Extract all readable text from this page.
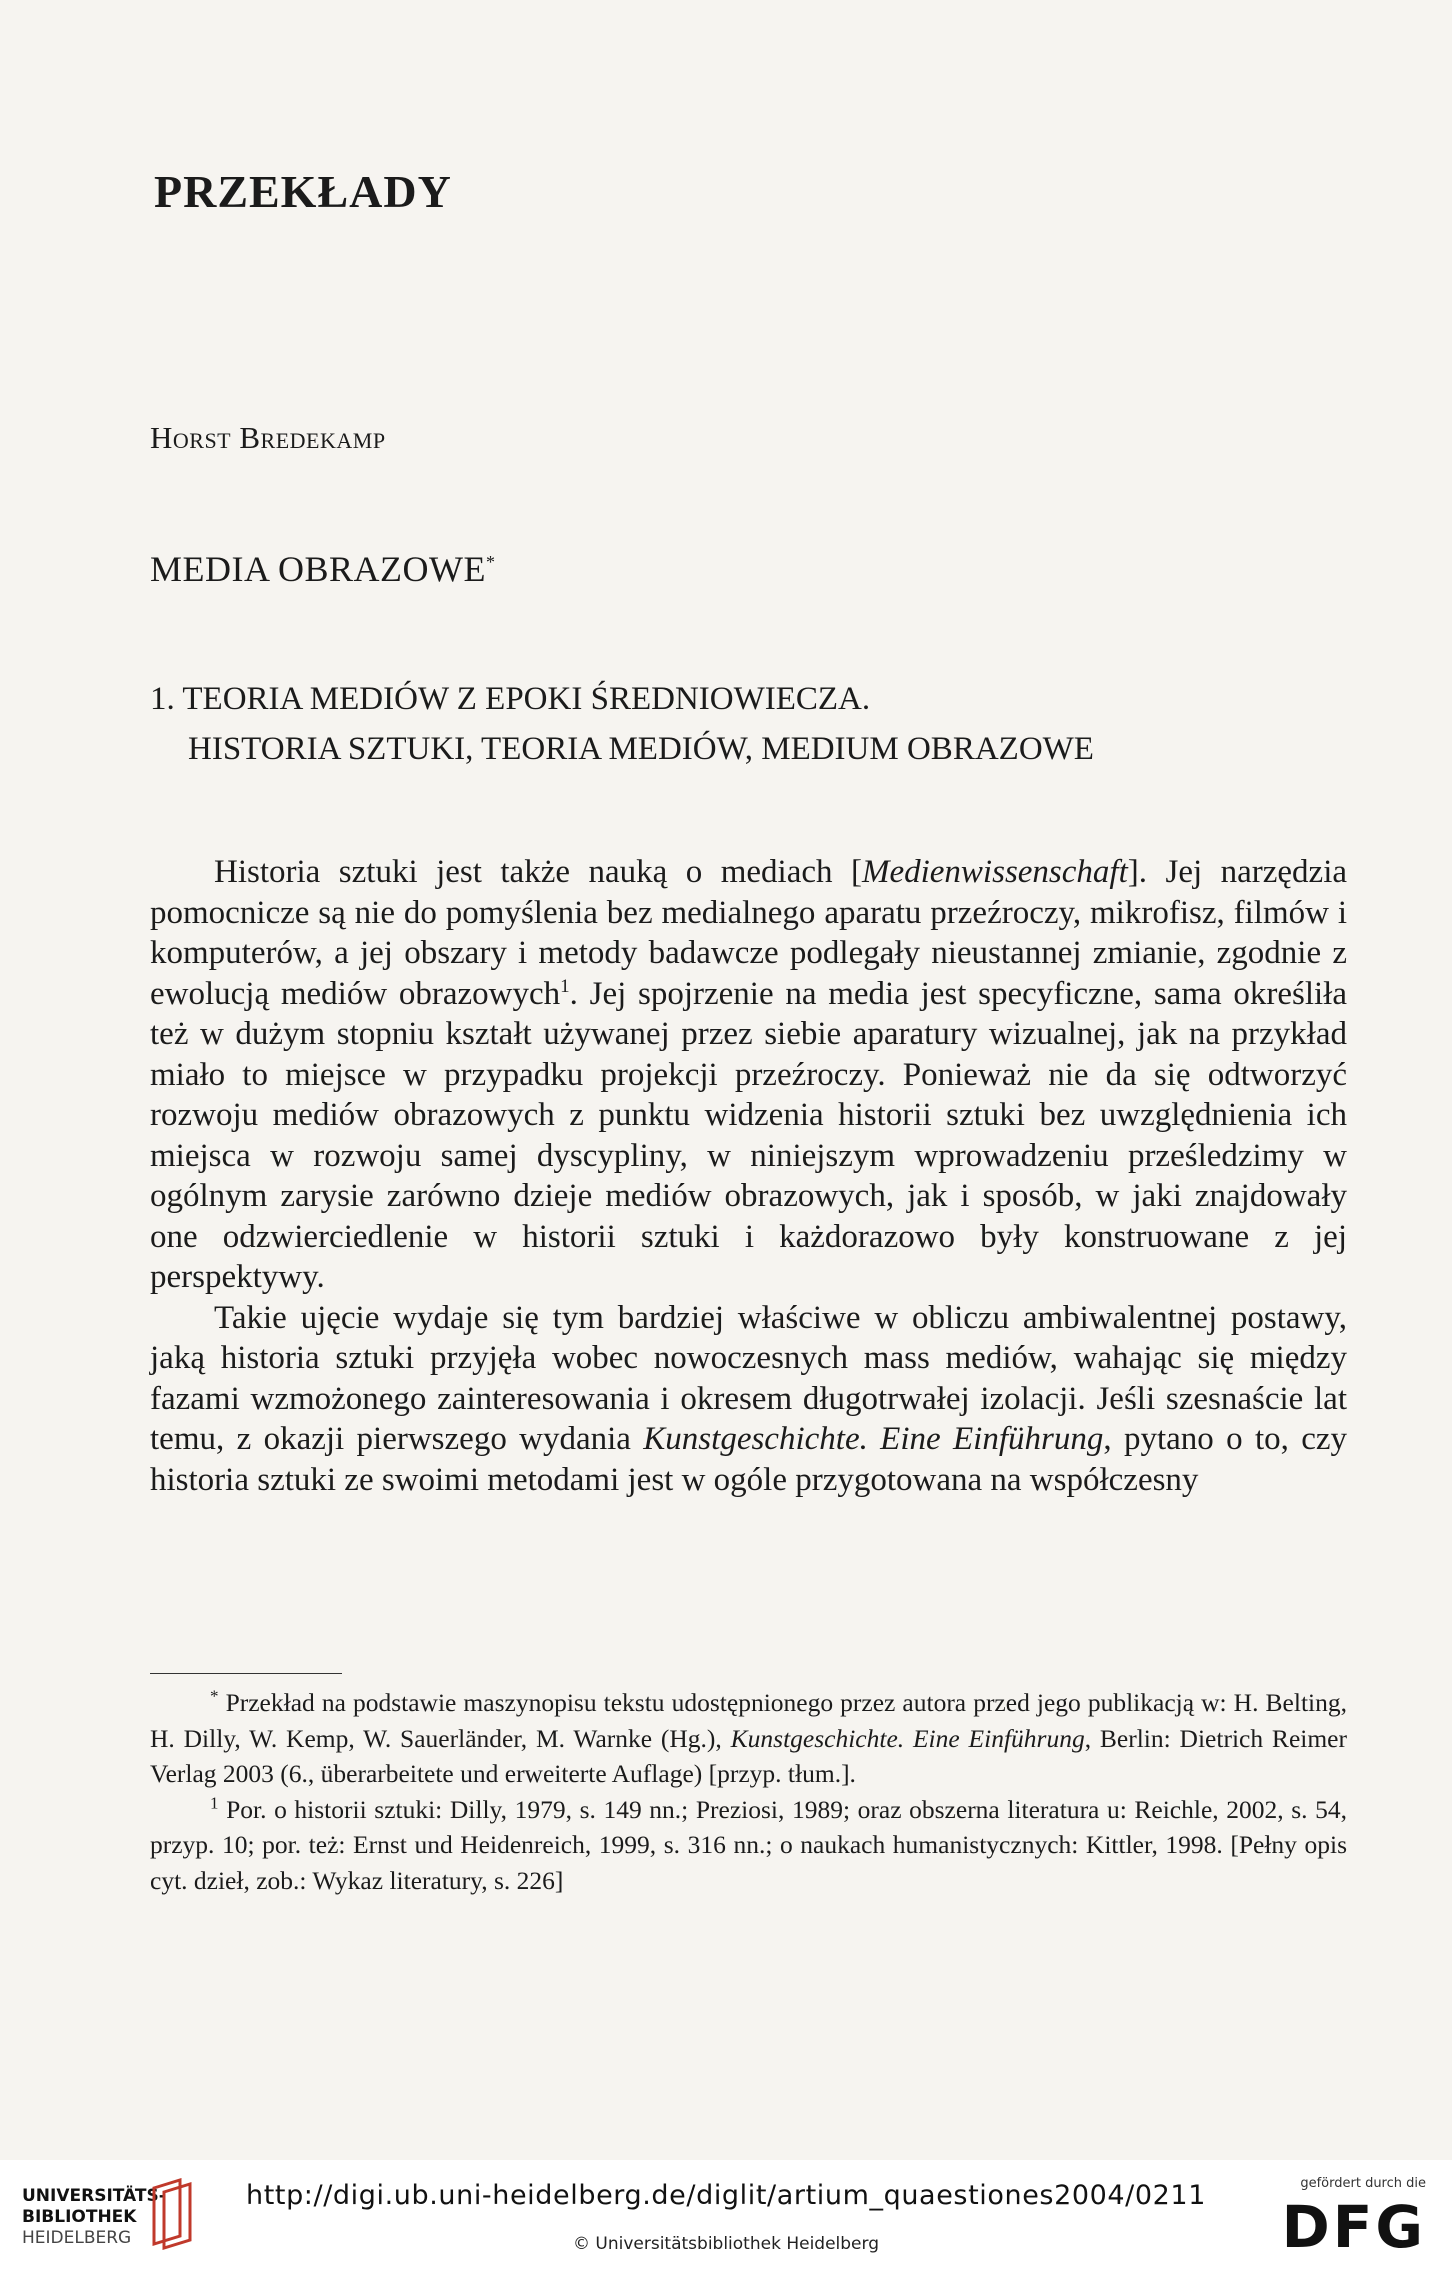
PRZEKŁADY
Horst Bredekamp
MEDIA OBRAZOWE*
1. TEORIA MEDIÓW Z EPOKI ŚREDNIOWIECZA.
HISTORIA SZTUKI, TEORIA MEDIÓW, MEDIUM OBRAZOWE

Historia sztuki jest także nauką o mediach [Medienwissenschaft]. Jej narzędzia pomocnicze są nie do pomyślenia bez medialnego aparatu przeźroczy, mikrofisz, filmów i komputerów, a jej obszary i metody badawcze podlegały nieustannej zmianie, zgodnie z ewolucją mediów obrazowych$^1$. Jej spojrzenie na media jest specyficzne, sama określiła też w dużym stopniu kształt używanej przez siebie aparatury wizualnej, jak na przykład miało to miejsce w przypadku projekcji przeźroczy. Ponieważ nie da się odtworzyć rozwoju mediów obrazowych z punktu widzenia historii sztuki bez uwzględnienia ich miejsca w rozwoju samej dyscypliny, w niniejszym wprowadzeniu prześledzimy w ogólnym zarysie zarówno dzieje mediów obrazowych, jak i sposób, w jaki znajdowały one odzwierciedlenie w historii sztuki i każdorazowo były konstruowane z jej perspektywy.

Takie ujęcie wydaje się tym bardziej właściwe w obliczu ambiwalentnej postawy, jaką historia sztuki przyjęła wobec nowoczesnych mass mediów, wahając się między fazami wzmożonego zainteresowania i okresem długotrwałej izolacji. Jeśli szesnaście lat temu, z okazji pierwszego wydania Kunstgeschichte. Eine Einführung, pytano o to, czy historia sztuki ze swoimi metodami jest w ogóle przygotowana na współczesny

* Przekład na podstawie maszynopisu tekstu udostępnionego przez autora przed jego publikacją w: H. Belting, H. Dilly, W. Kemp, W. Sauerländer, M. Warnke (Hg.), Kunstgeschichte. Eine Einführung, Berlin: Dietrich Reimer Verlag 2003 (6., überarbeitete und erweiterte Auflage) [przyp. tłum.].

$^1$ Por. o historii sztuki: Dilly, 1979, s. 149 nn.; Preziosi, 1989; oraz obszerna literatura u: Reichle, 2002, s. 54, przyp. 10; por. też: Ernst und Heidenreich, 1999, s. 316 nn.; o naukach humanistycznych: Kittler, 1998. [Pełny opis cyt. dzieł, zob.: Wykaz literatury, s. 226]

UNIVERSITÄTS-
BIBLIOTHEK
HEIDELBERG
http://digi.ub.uni-heidelberg.de/diglit/artium_quaestiones2004/0211
© Universitätsbibliothek Heidelberg
gefördert durch die
DFG
